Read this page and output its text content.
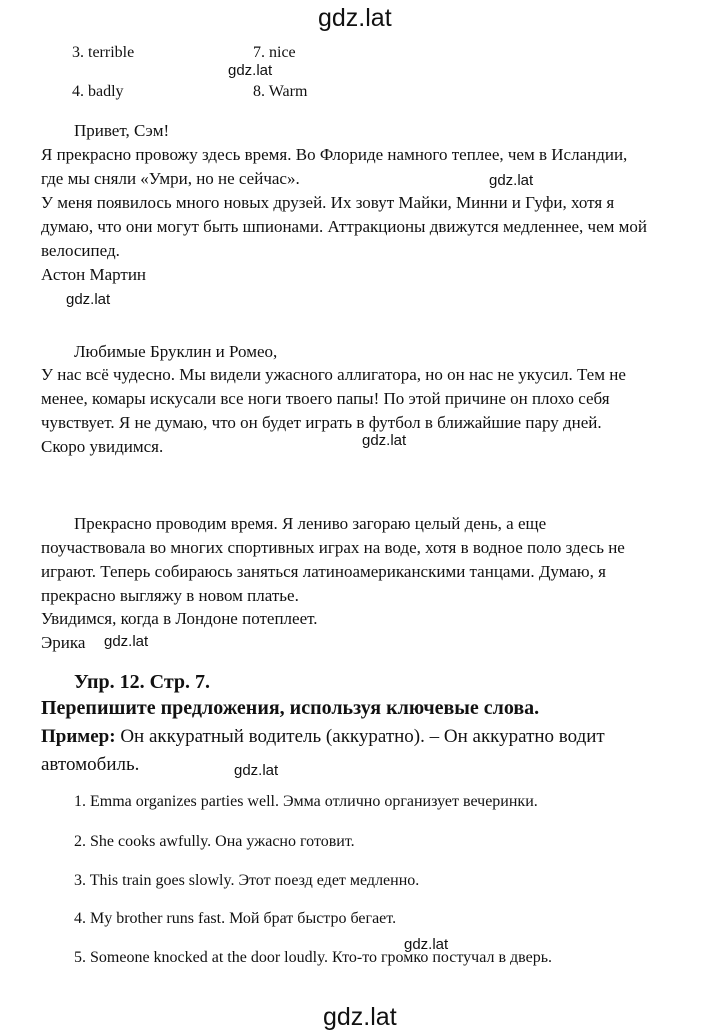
gdz.lat
gdz.lat
gdz.lat
gdz.lat
gdz.lat
gdz.lat
gdz.lat
gdz.lat
gdz.lat
3. terrible	7. nice
4. badly	8. Warm
Привет, Сэм!
Я прекрасно провожу здесь время. Во Флориде намного теплее, чем в Исландии,
где мы сняли «Умри, но не сейчас».
У меня появилось много новых друзей. Их зовут Майки, Минни и Гуфи, хотя я
думаю, что они могут быть шпионами. Аттракционы движутся медленнее, чем мой
велосипед.
Астон Мартин
Любимые Бруклин и Ромео,
У нас всё чудесно. Мы видели ужасного аллигатора, но он нас не укусил. Тем не
менее, комары искусали все ноги твоего папы! По этой причине он плохо себя
чувствует. Я не думаю, что он будет играть в футбол в ближайшие пару дней.
Скоро увидимся.
Прекрасно проводим время. Я лениво загораю целый день, а еще
поучаствовала во многих спортивных играх на воде, хотя в водное поло здесь не
играют. Теперь собираюсь заняться латиноамериканскими танцами. Думаю, я
прекрасно выгляжу в новом платье.
Увидимся, когда в Лондоне потеплеет.
Эрика
Упр. 12. Стр. 7.
Перепишите предложения, используя ключевые слова.
Пример: Он аккуратный водитель (аккуратно). – Он аккуратно водит
автомобиль.
1. Emma organizes parties well. Эмма отлично организует вечеринки.
2. She cooks awfully. Она ужасно готовит.
3. This train goes slowly. Этот поезд едет медленно.
4. My brother runs fast. Мой брат быстро бегает.
5. Someone knocked at the door loudly. Кто-то громко постучал в дверь.
